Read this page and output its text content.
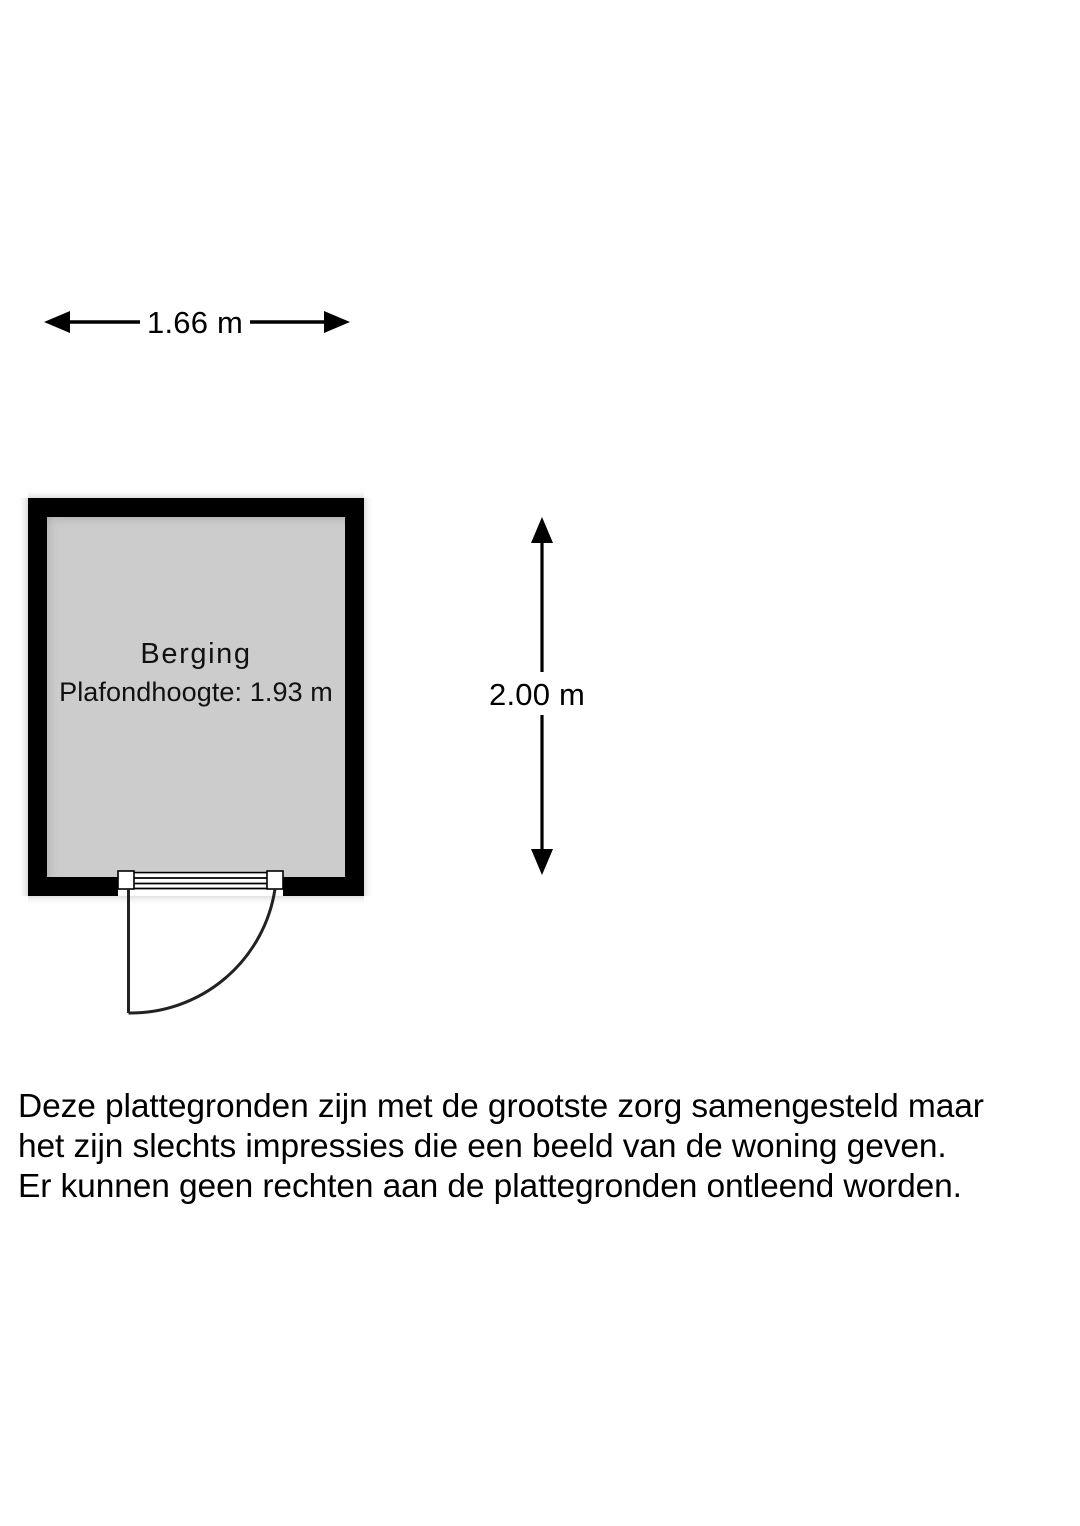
1.66 m
2.00 m

Berging

Plafondhoogte: 1.93 m

Deze plattegronden zijn met de grootste zorg samengesteld maar

het zijn slechts impressies die een beeld van de woning geven.

Er kunnen geen rechten aan de plattegronden ontleend worden.
